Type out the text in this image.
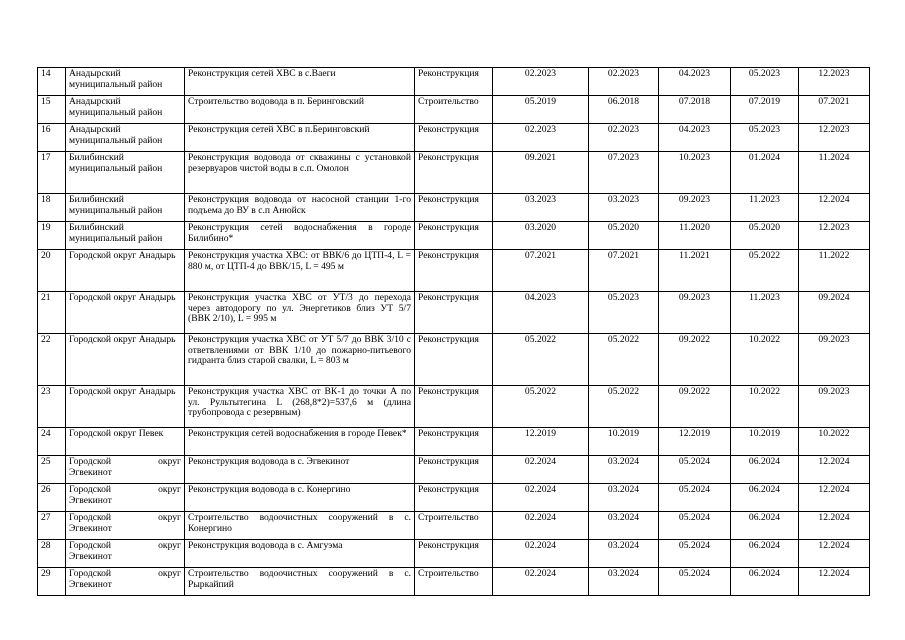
14	Анадырский муниципальный район	Реконструкция сетей ХВС в с.Ваеги	Реконструкция	02.2023	02.2023	04.2023	05.2023	12.2023
15	Анадырский муниципальный район	Строительство водовода в п. Беринговский	Строительство	05.2019	06.2018	07.2018	07.2019	07.2021
16	Анадырский муниципальный район	Реконструкция сетей ХВС в п.Беринговский	Реконструкция	02.2023	02.2023	04.2023	05.2023	12.2023
17	Билибинский муниципальный район	Реконструкция водовода от скважины с установкой резервуаров чистой воды в с.п. Омолон	Реконструкция	09.2021	07.2023	10.2023	01.2024	11.2024
18	Билибинский муниципальный район	Реконструкция водовода от насосной станции 1-го подъема до ВУ в с.п Анюйск	Реконструкция	03.2023	03.2023	09.2023	11.2023	12.2024
19	Билибинский муниципальный район	Реконструкция сетей водоснабжения в городе Билибино*	Реконструкция	03.2020	05.2020	11.2020	05.2020	12.2023
20	Городской округ Анадырь	Реконструкция участка ХВС: от ВВК/6 до ЦТП-4, L = 880 м, от ЦТП-4 до ВВК/15, L = 495 м	Реконструкция	07.2021	07.2021	11.2021	05.2022	11.2022
21	Городской округ Анадырь	Реконструкция участка ХВС от УТ/3 до перехода через автодорогу по ул. Энергетиков близ УТ 5/7 (ВВК 2/10), L = 995 м	Реконструкция	04.2023	05.2023	09.2023	11.2023	09.2024
22	Городской округ Анадырь	Реконструкция участка ХВС от УТ 5/7 до ВВК 3/10 с ответвлениями от ВВК 1/10 до пожарно-питьевого гидранта близ старой свалки, L = 803 м	Реконструкция	05.2022	05.2022	09.2022	10.2022	09.2023
23	Городской округ Анадырь	Реконструкция участка ХВС от ВК-1 до точки А по ул. Рультытегина L (268,8*2)=537,6 м (длина трубопровода с резервным)	Реконструкция	05.2022	05.2022	09.2022	10.2022	09.2023
24	Городской округ Певек	Реконструкция сетей водоснабжения в городе Певек*	Реконструкция	12.2019	10.2019	12.2019	10.2019	10.2022
25	Городской округ Эгвекинот	Реконструкция водовода в с. Эгвекинот	Реконструкция	02.2024	03.2024	05.2024	06.2024	12.2024
26	Городской округ Эгвекинот	Реконструкция водовода в с. Конергино	Реконструкция	02.2024	03.2024	05.2024	06.2024	12.2024
27	Городской округ Эгвекинот	Строительство водоочистных сооружений в с. Конергино	Строительство	02.2024	03.2024	05.2024	06.2024	12.2024
28	Городской округ Эгвекинот	Реконструкция водовода в с. Амгуэма	Реконструкция	02.2024	03.2024	05.2024	06.2024	12.2024
29	Городской округ Эгвекинот	Строительство водоочистных сооружений в с. Рыркайпий	Строительство	02.2024	03.2024	05.2024	06.2024	12.2024
